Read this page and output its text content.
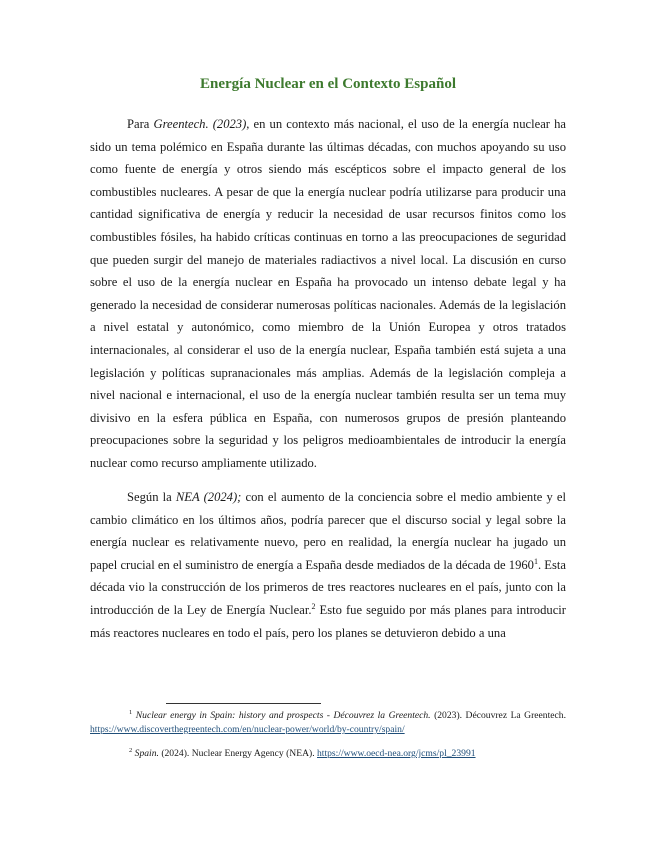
Energía Nuclear en el Contexto Español

Para Greentech. (2023), en un contexto más nacional, el uso de la energía nuclear ha sido un tema polémico en España durante las últimas décadas, con muchos apoyando su uso como fuente de energía y otros siendo más escépticos sobre el impacto general de los combustibles nucleares. A pesar de que la energía nuclear podría utilizarse para producir una cantidad significativa de energía y reducir la necesidad de usar recursos finitos como los combustibles fósiles, ha habido críticas continuas en torno a las preocupaciones de seguridad que pueden surgir del manejo de materiales radiactivos a nivel local. La discusión en curso sobre el uso de la energía nuclear en España ha provocado un intenso debate legal y ha generado la necesidad de considerar numerosas políticas nacionales. Además de la legislación a nivel estatal y autonómico, como miembro de la Unión Europea y otros tratados internacionales, al considerar el uso de la energía nuclear, España también está sujeta a una legislación y políticas supranacionales más amplias. Además de la legislación compleja a nivel nacional e internacional, el uso de la energía nuclear también resulta ser un tema muy divisivo en la esfera pública en España, con numerosos grupos de presión planteando preocupaciones sobre la seguridad y los peligros medioambientales de introducir la energía nuclear como recurso ampliamente utilizado.

Según la NEA (2024); con el aumento de la conciencia sobre el medio ambiente y el cambio climático en los últimos años, podría parecer que el discurso social y legal sobre la energía nuclear es relativamente nuevo, pero en realidad, la energía nuclear ha jugado un papel crucial en el suministro de energía a España desde mediados de la década de 1960$^1$. Esta década vio la construcción de los primeros de tres reactores nucleares en el país, junto con la introducción de la Ley de Energía Nuclear.$^2$ Esto fue seguido por más planes para introducir más reactores nucleares en todo el país, pero los planes se detuvieron debido a una

$^1$ Nuclear energy in Spain: history and prospects - Découvrez la Greentech. (2023). Découvrez La Greentech. https://www.discoverthegreentech.com/en/nuclear-power/world/by-country/spain/

$^2$ Spain. (2024). Nuclear Energy Agency (NEA). https://www.oecd-nea.org/jcms/pl_23991
